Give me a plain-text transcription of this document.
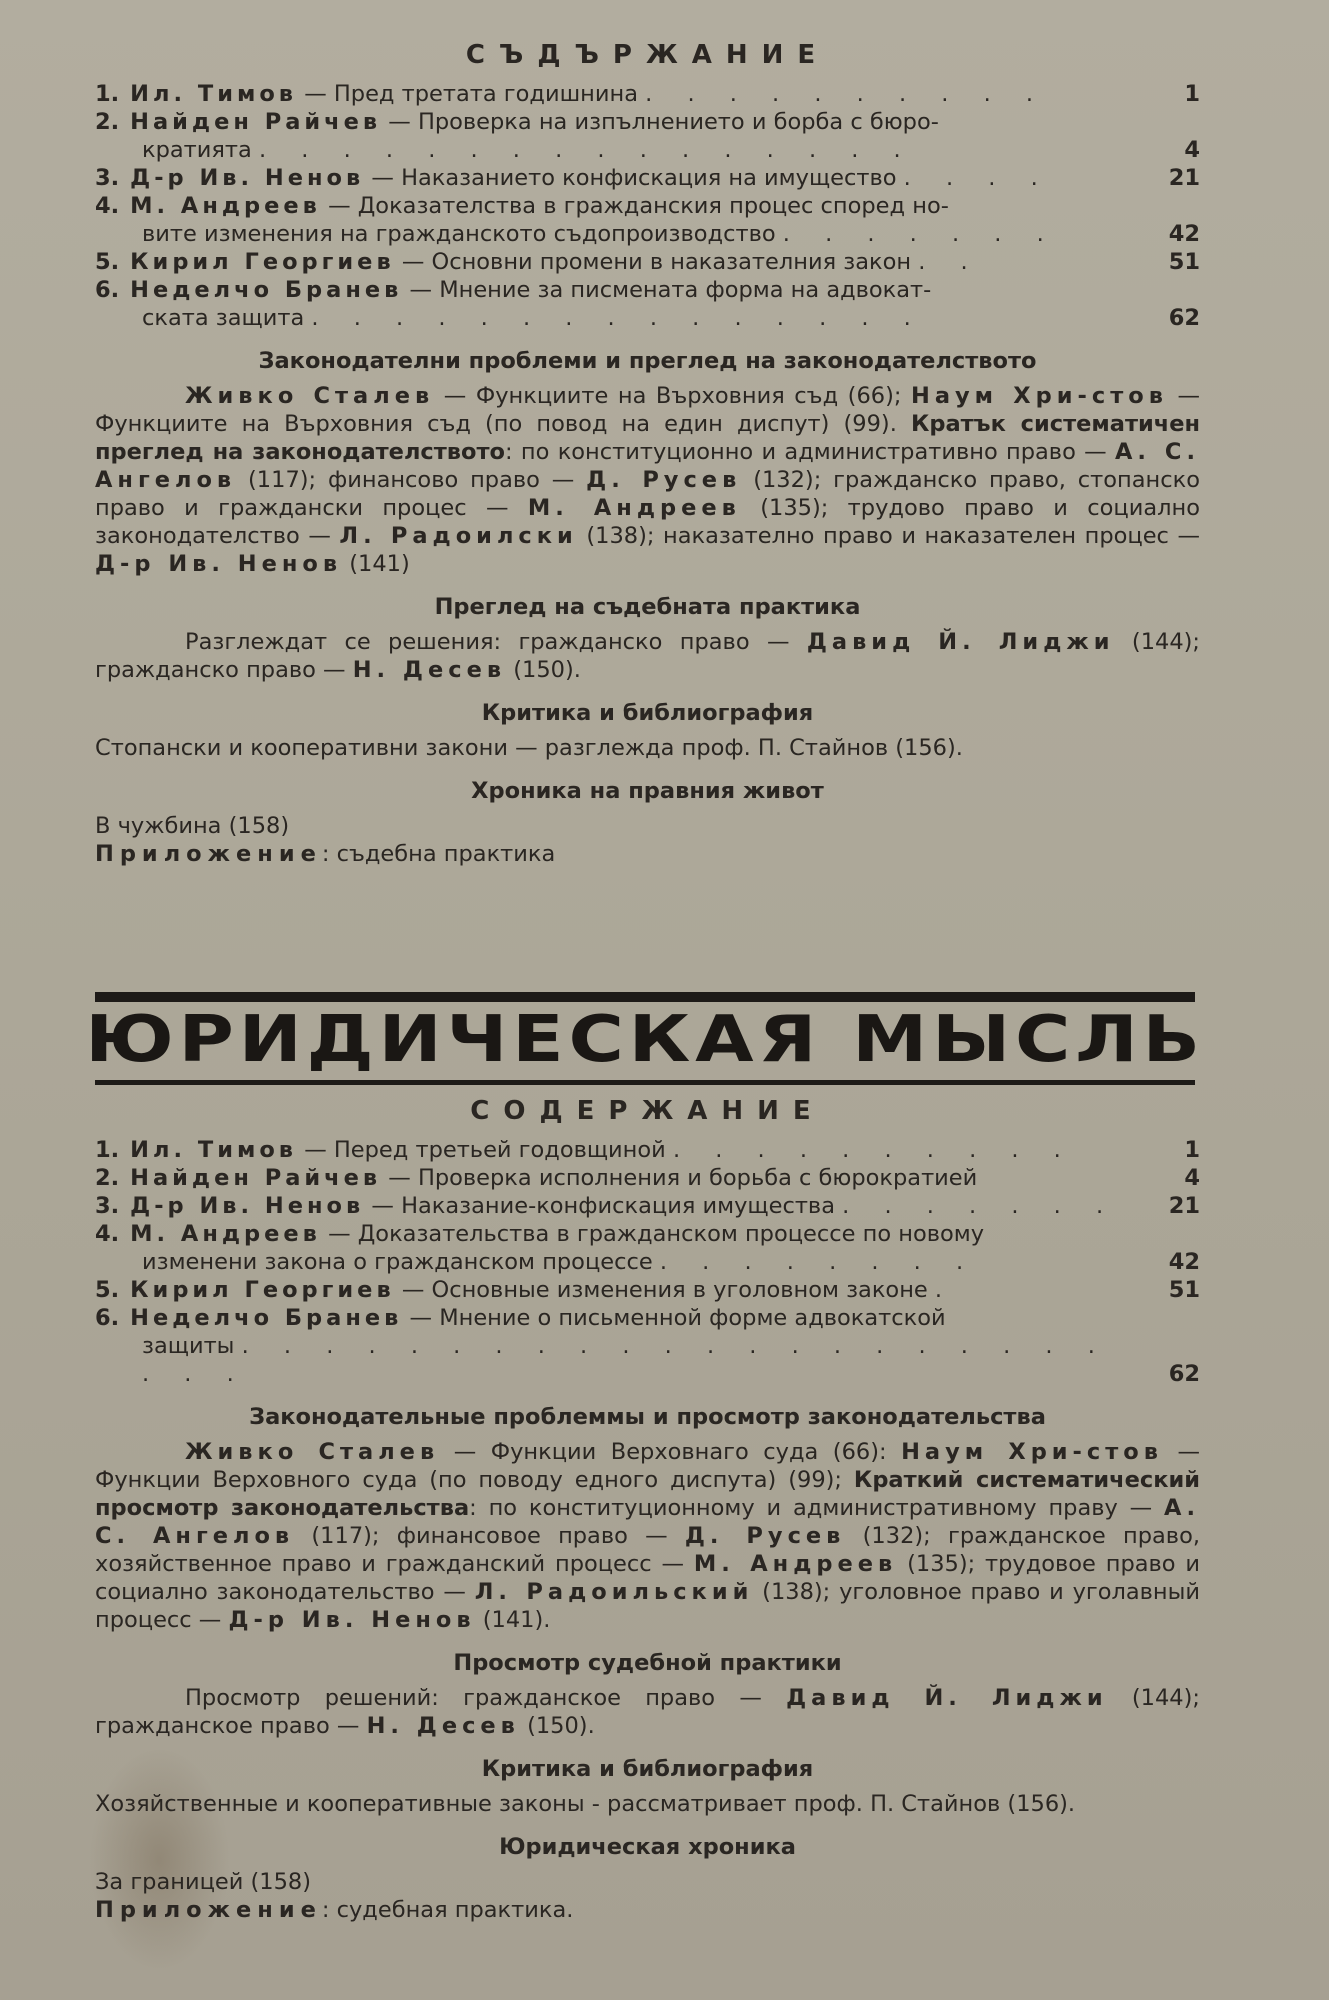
СЪДЪРЖАНИЕ
1. Ил. Тимов — Пред третата годишнина . . . . . . . . . .	1
2. Найден Райчев — Проверка на изпълнението и борба с бюро-
кратията . . . . . . . . . . . . . . . .	4
3. Д-р Ив. Ненов — Наказанието конфискация на имущество . . . .	21
4. М. Андреев — Доказателства в гражданския процес според но-
вите изменения на гражданското съдопроизводство . . . . . . .	42
5. Кирил Георгиев — Основни промени в наказателния закон . .	51
6. Неделчо Бранев — Мнение за писмената форма на адвокат-
ската защита . . . . . . . . . . . . . . .	62
Законодателни проблеми и преглед на законодателството

Живко Сталев — Функциите на Върховния съд (66); Наум Хри-стов — Функциите на Върховния съд (по повод на един диспут) (99). Кратък систематичен преглед на законодателството: по конституционно и административно право — А. С. Ангелов (117); финансово право — Д. Русев (132); гражданско право, стопанско право и граждански процес — М. Андреев (135); трудово право и социално законодателство — Л. Радоилски (138); наказателно право и наказателен процес — Д-р Ив. Ненов (141)

Преглед на съдебната практика

Разглеждат се решения: гражданско право — Давид Й. Лиджи (144); гражданско право — Н. Десев (150).

Критика и библиография

Стопански и кооперативни закони — разглежда проф. П. Стайнов (156).

Хроника на правния живот

В чужбина (158)

Приложение: съдебна практика

ЮРИДИЧЕСКАЯ МЫСЛЬ
СОДЕРЖАНИЕ
1. Ил. Тимов — Перед третьей годовщиной . . . . . . . . . .	1
2. Найден Райчев — Проверка исполнения и борьба с бюрократией	4
3. Д-р Ив. Ненов — Наказание-конфискация имущества . . . . . . . 21
4. М. Андреев — Доказательства в гражданском процессе по новому
изменени закона о гражданском процессе . . . . . . . .	42
5. Кирил Георгиев — Основные изменения в уголовном законе .	51
6. Неделчо Бранев — Мнение о письменной форме адвокатской
защиты . . . . . . . . . . . . . . . . . . . . . . . .	62
Законодательные проблеммы и просмотр законодательства

Живко Сталев — Функции Верховнаго суда (66): Наум Хри-стов — Функции Верховного суда (по поводу едного диспута) (99); Краткий систематический просмотр законодательства: по конституционному и административному праву — А. С. Ангелов (117); финансовое право — Д. Русев (132); гражданское право, хозяйственное право и гражданский процесс — М. Андреев (135); трудовое право и социално законодательство — Л. Радоильский (138); уголовное право и уголавный процесс — Д-р Ив. Ненов (141).

Просмотр судебной практики

Просмотр решений: гражданское право — Давид Й. Лиджи (144); гражданское право — Н. Десев (150).

Критика и библиография

Хозяйственные и кооперативные законы - рассматривает проф. П. Стайнов (156).

Юридическая хроника

За границей (158)

Приложение: судебная практика.
